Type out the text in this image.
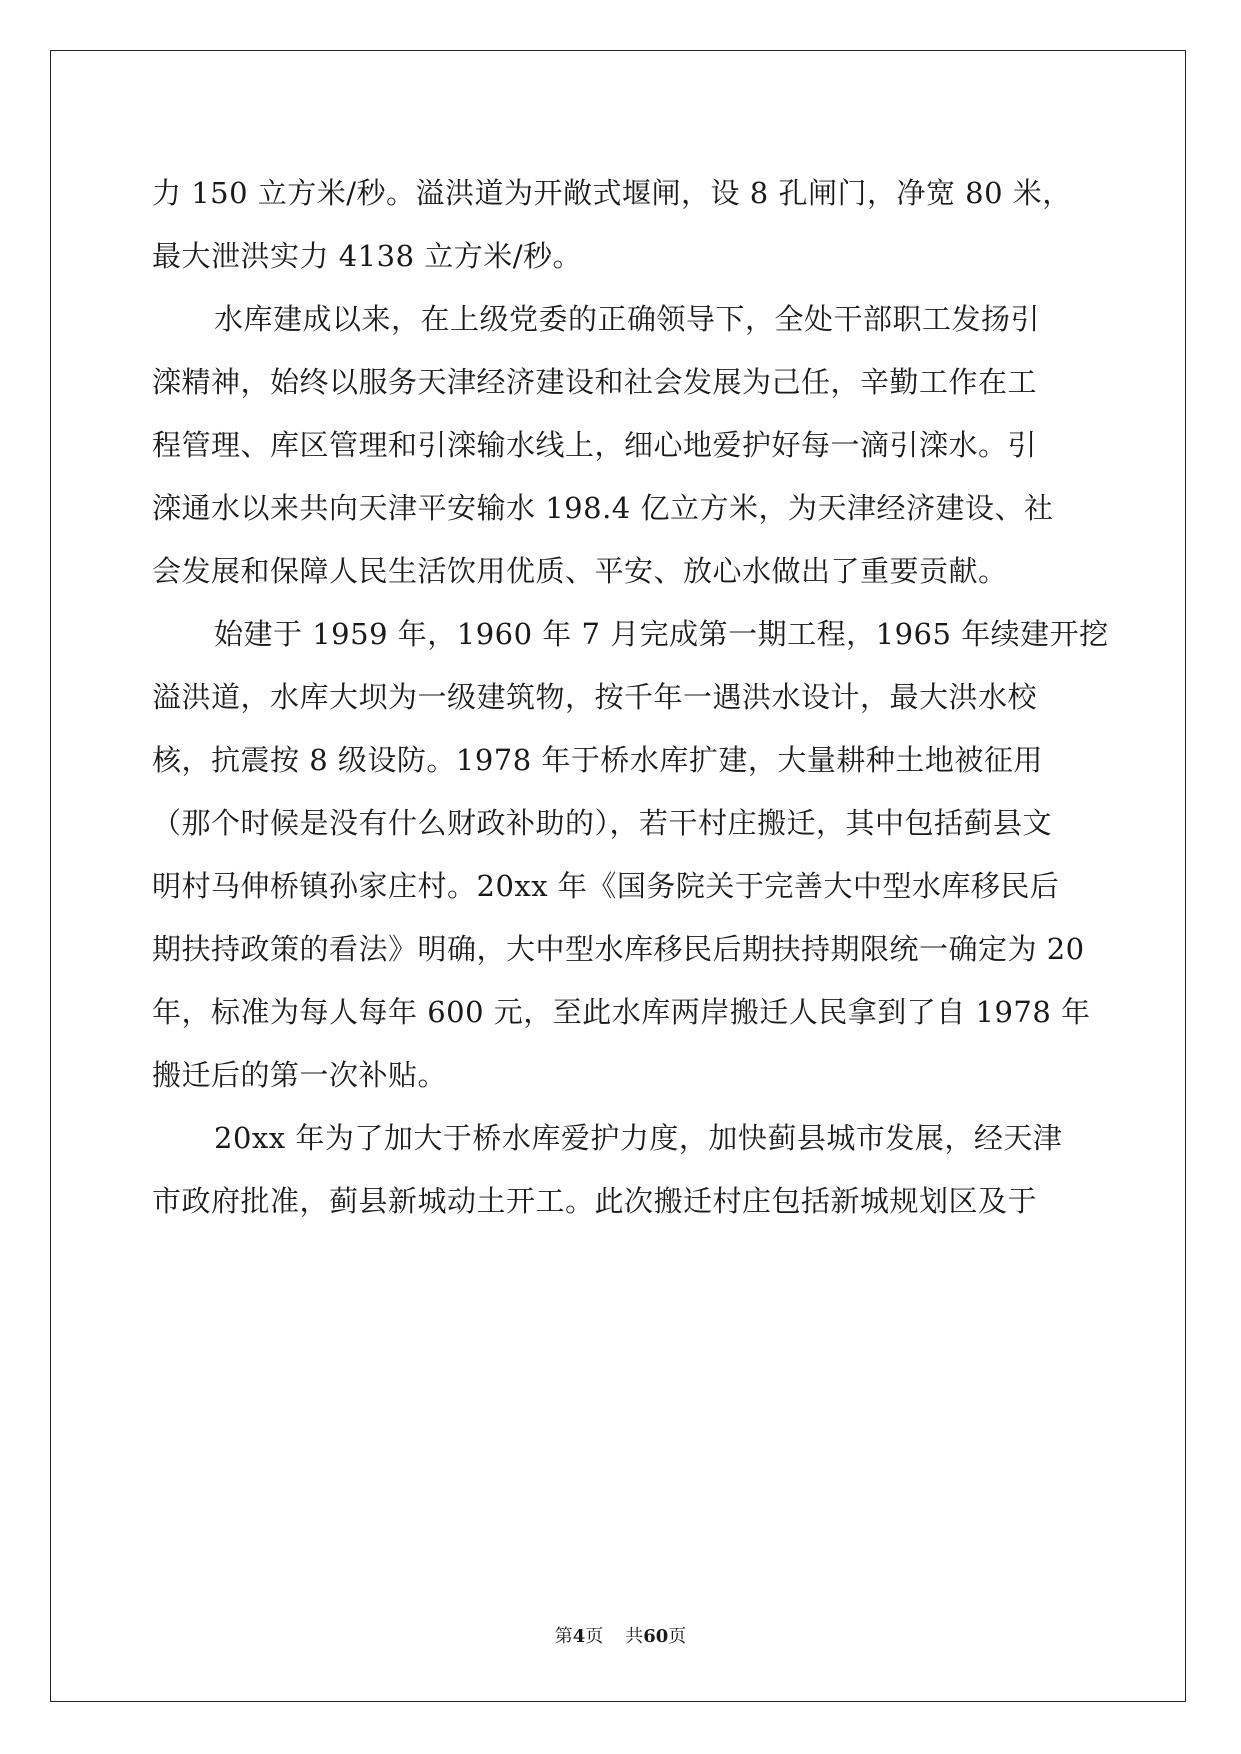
力 150 立方米/秒。溢洪道为开敞式堰闸，设 8 孔闸门，净宽 80 米，
最大泄洪实力 4138 立方米/秒。
水库建成以来，在上级党委的正确领导下，全处干部职工发扬引
滦精神，始终以服务天津经济建设和社会发展为己任，辛勤工作在工
程管理、库区管理和引滦输水线上，细心地爱护好每一滴引滦水。引
滦通水以来共向天津平安输水 198.4 亿立方米，为天津经济建设、社
会发展和保障人民生活饮用优质、平安、放心水做出了重要贡献。
始建于 1959 年，1960 年 7 月完成第一期工程，1965 年续建开挖
溢洪道，水库大坝为一级建筑物，按千年一遇洪水设计，最大洪水校
核，抗震按 8 级设防。1978 年于桥水库扩建，大量耕种土地被征用
（那个时候是没有什么财政补助的），若干村庄搬迁，其中包括蓟县文
明村马伸桥镇孙家庄村。20xx 年《国务院关于完善大中型水库移民后
期扶持政策的看法》明确，大中型水库移民后期扶持期限统一确定为 20
年，标准为每人每年 600 元，至此水库两岸搬迁人民拿到了自 1978 年
搬迁后的第一次补贴。
20xx 年为了加大于桥水库爱护力度，加快蓟县城市发展，经天津
市政府批准，蓟县新城动土开工。此次搬迁村庄包括新城规划区及于
第4页 共60页
